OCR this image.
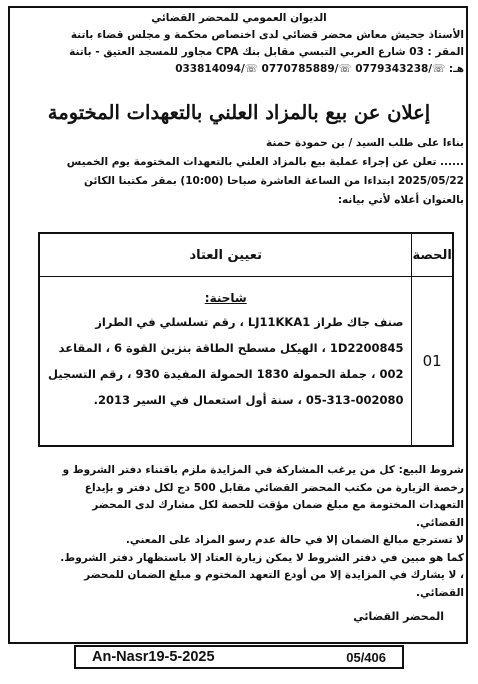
الديوان العمومي للمحضر القضائي
الأستاذ جحيش معاش محضر قضائي لدى اختصاص محكمة و مجلس قضاء باتنة
المقر : 03 شارع العربي التبسي مقابل بنك CPA مجاور للمسجد العتيق - باتنة
033814094/☏ 0770785889/☏ 0779343238/☏ :هـ
إعلان عن بيع بالمزاد العلني بالتعهدات المختومة
بناءا على طلب السيد / بن حمودة حمنة
...... تعلن عن إجراء عملية بيع بالمزاد العلني بالتعهدات المختومة يوم الخميس
2025/05/22 ابتداءا من الساعة العاشرة صباحا (10:00) بمقر مكتبنا الكائن
بالعنوان أعلاه لأتي بيانه:
الحصة	تعيين العتاد
01	شاحنة:
صنف جاك طراز LJ11KKA1 ، رقم تسلسلي في الطراز
1D2200845 ، الهيكل مسطح الطاقة بنزين القوة 6 ، المقاعد
002 ، جملة الحمولة 1830 الحمولة المفيدة 930 ، رقم التسجيل
05-313-002080 ، سنة أول استعمال في السير 2013.
شروط البيع: كل من يرغب المشاركة في المزايدة ملزم باقتناء دفتر الشروط و
رخصة الزيارة من مكتب المحضر القضائي مقابل 500 دج لكل دفتر و بإيداع
التعهدات المختومة مع مبلغ ضمان مؤقت للحصة لكل مشارك لدى المحضر
القضائي.
لا تسترجع مبالغ الضمان إلا في حالة عدم رسو المزاد على المعني.
كما هو مبين في دفتر الشروط لا يمكن زيارة العتاد إلا باستظهار دفتر الشروط.
، لا يشارك في المزايدة إلا من أودع التعهد المختوم و مبلغ الضمان للمحضر
القضائي.
المحضر القضائي
An-Nasr19-5-2025	05/406
